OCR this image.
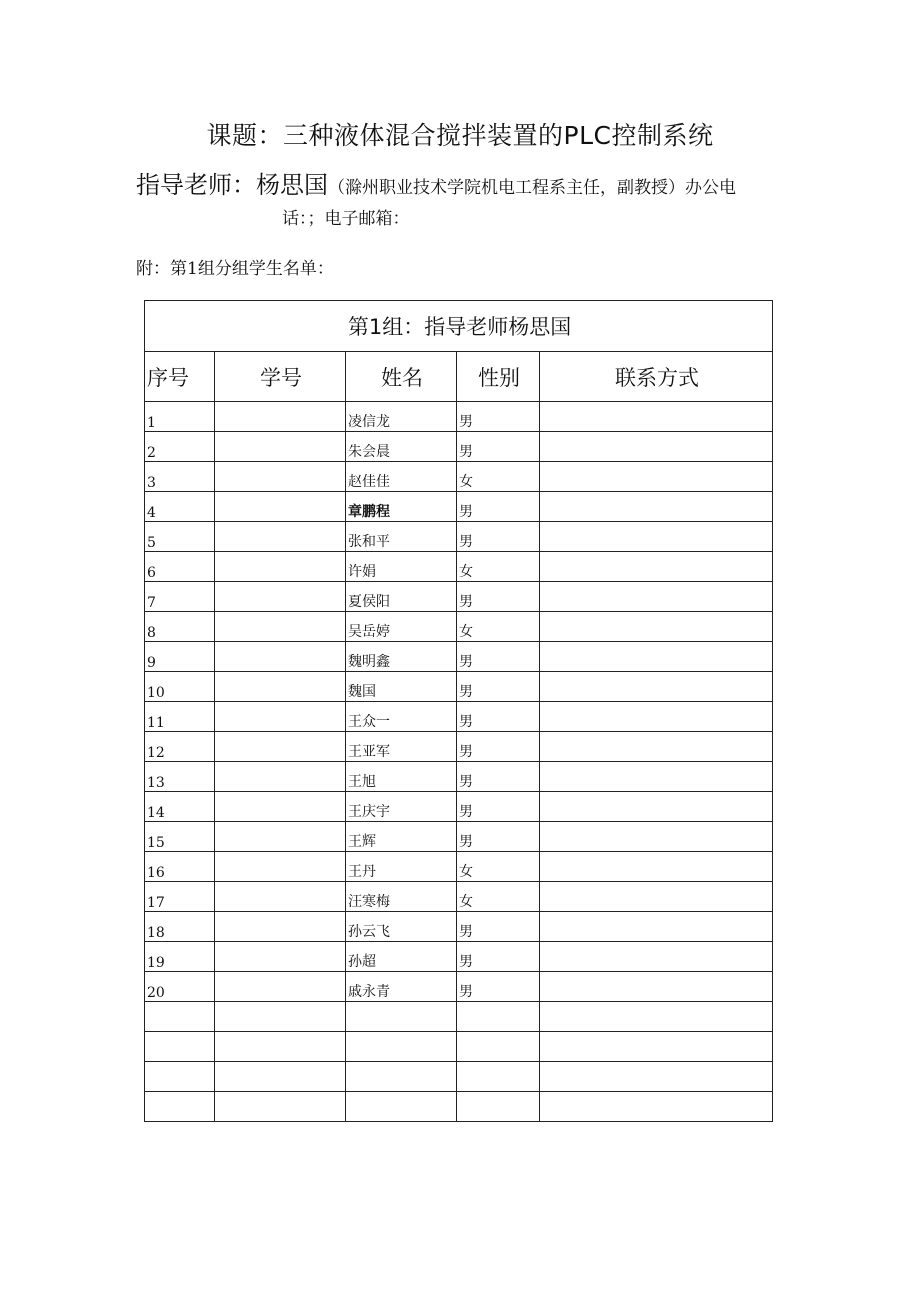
课题：三种液体混合搅拌装置的PLC控制系统
指导老师：杨思国（滁州职业技术学院机电工程系主任，副教授）办公电
话：；电子邮箱：
附：第1组分组学生名单：
第1组：指导老师杨思国				
序号	学号	姓名	性别	联系方式
1		凌信龙	男	
2		朱会晨	男	
3		赵佳佳	女	
4		章鹏程	男	
5		张和平	男	
6		许娟	女	
7		夏侯阳	男	
8		吴岳婷	女	
9		魏明鑫	男	
10		魏国	男	
11		王众一	男	
12		王亚军	男	
13		王旭	男	
14		王庆宇	男	
15		王辉	男	
16		王丹	女	
17		汪寒梅	女	
18		孙云飞	男	
19		孙超	男	
20		戚永青	男	
